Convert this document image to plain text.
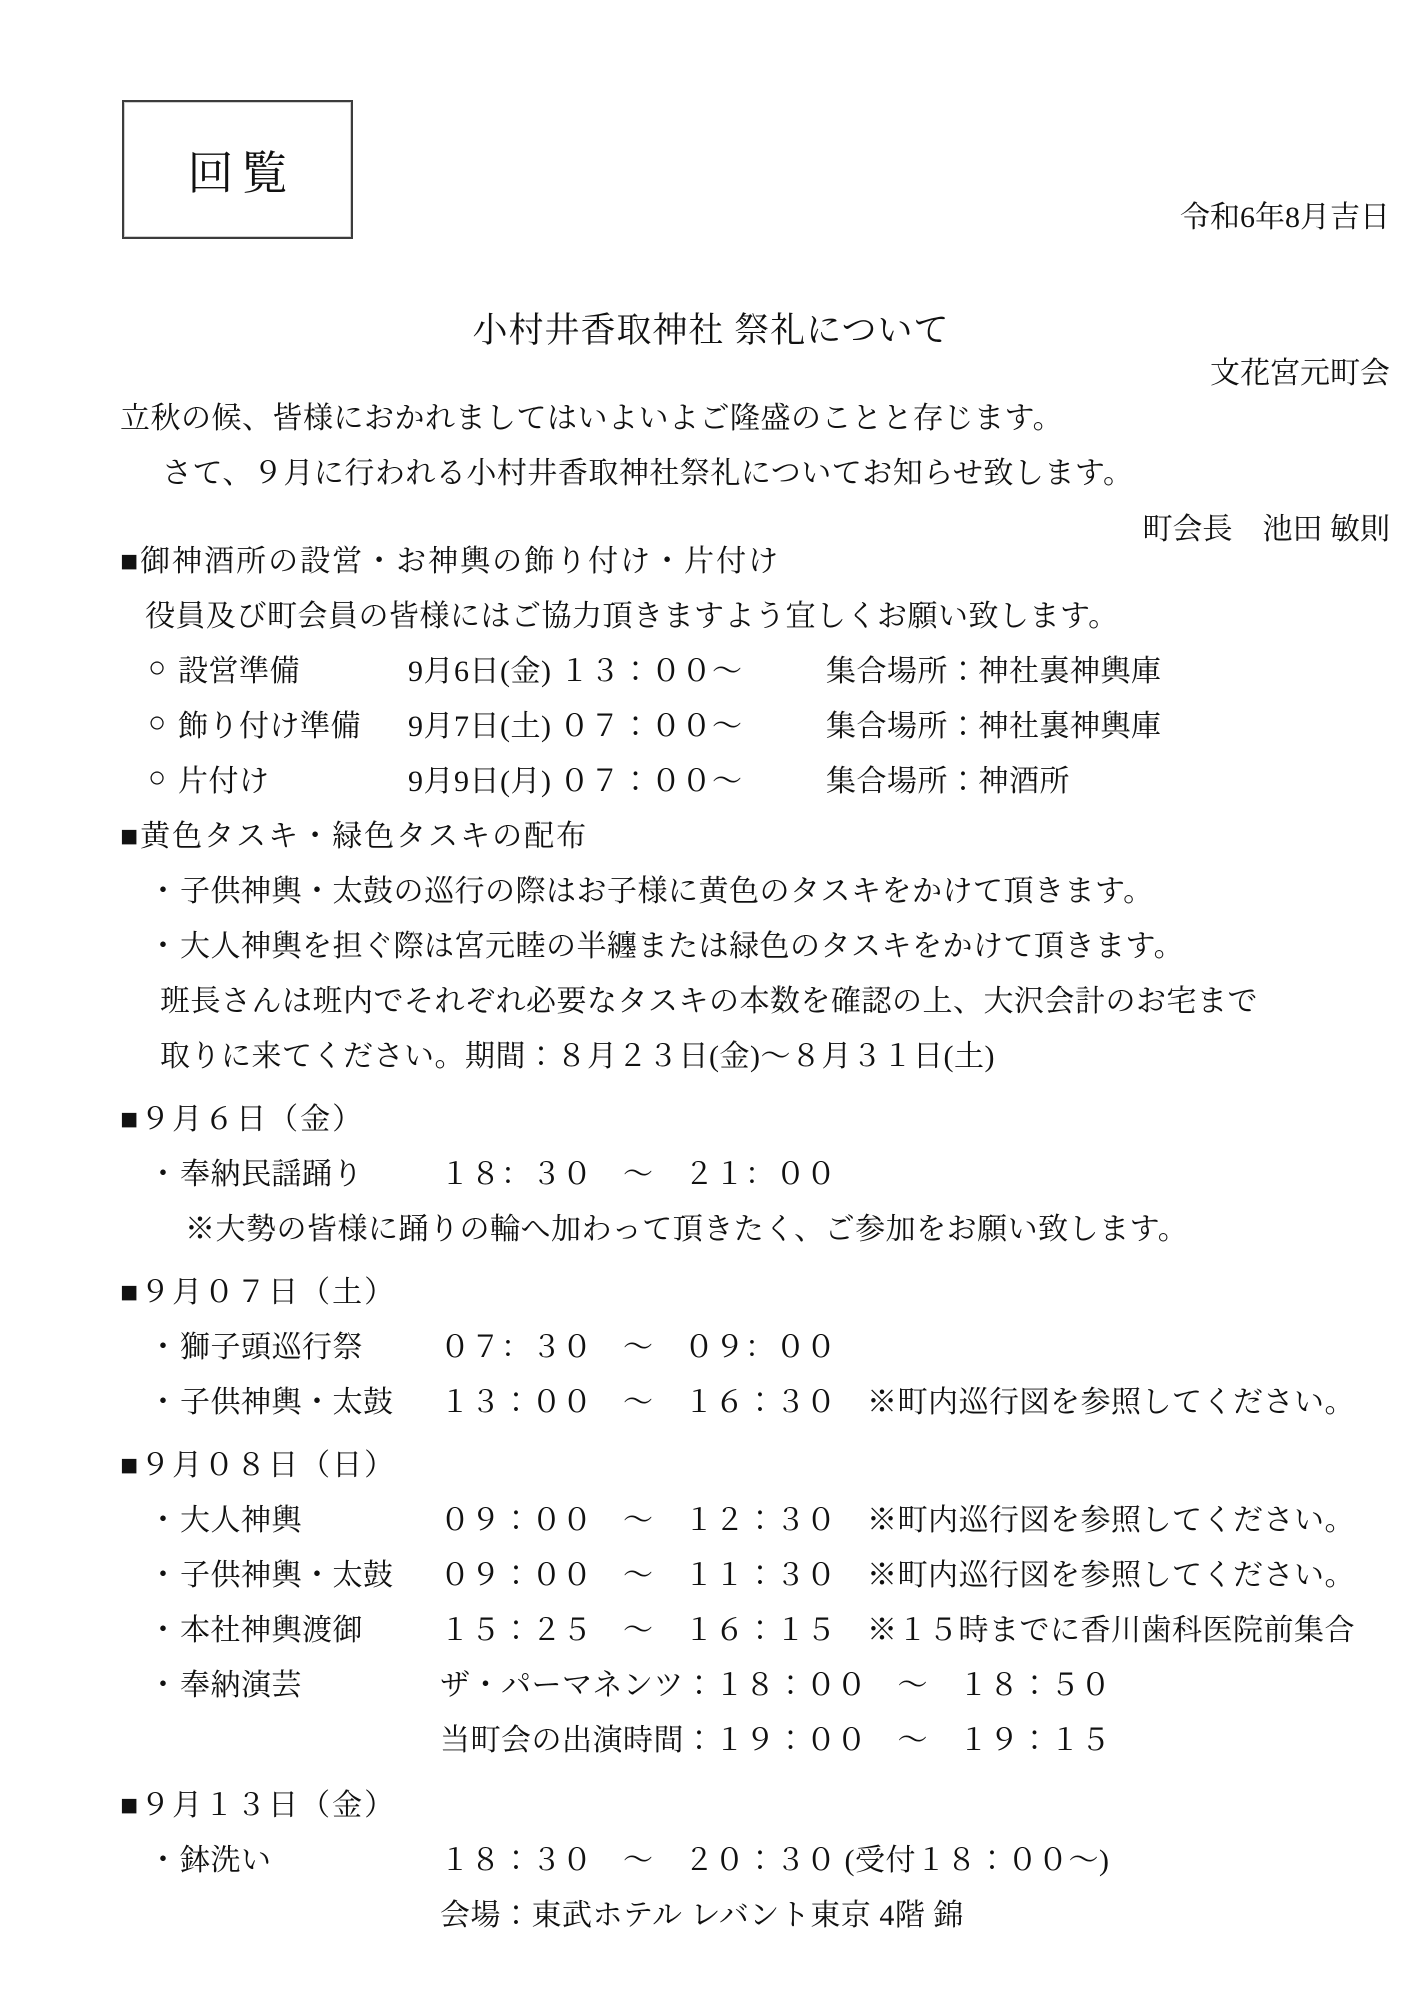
回覧

令和6年8月吉日

文花宮元町会

町会長　池田 敏則

小村井香取神社 祭礼について
立秋の候、皆様におかれましてはいよいよご隆盛のことと存じます。
さて、９月に行われる小村井香取神社祭礼についてお知らせ致します。
■御神酒所の設営・お神輿の飾り付け・片付け
役員及び町会員の皆様にはご協力頂きますよう宜しくお願い致します。
○ 設営準備	9月6日(金) １３：００～	集合場所：神社裏神輿庫
○ 飾り付け準備	9月7日(土) ０７：００～	集合場所：神社裏神輿庫
○ 片付け	9月9日(月) ０７：００～	集合場所：神酒所
■黄色タスキ・緑色タスキの配布
・ 子供神輿・太鼓の巡行の際はお子様に黄色のタスキをかけて頂きます。
・ 大人神輿を担ぐ際は宮元睦の半纏または緑色のタスキをかけて頂きます。
班長さんは班内でそれぞれ必要なタスキの本数を確認の上、大沢会計のお宅まで
取りに来てください。期間：８月２３日(金)～８月３１日(土)
■９月６日（金）
・ 奉納民謡踊り	１８：３０　～　２１：００
※大勢の皆様に踊りの輪へ加わって頂きたく、ご参加をお願い致します。
■９月０７日（土）
・ 獅子頭巡行祭	０７：３０　～　０９：００
・ 子供神輿・太鼓	１３：００　～　１６：３０　※町内巡行図を参照してください。
■９月０８日（日）
・ 大人神輿	０９：００　～　１２：３０　※町内巡行図を参照してください。
・ 子供神輿・太鼓	０９：００　～　１１：３０　※町内巡行図を参照してください。
・ 本社神輿渡御	１５：２５　～　１６：１５　※１５時までに香川歯科医院前集合
・ 奉納演芸	ザ・パーマネンツ：１８：００　～　１８：５０
当町会の出演時間：１９：００　～　１９：１５
■９月１３日（金）
・ 鉢洗い	１８：３０　～　２０：３０ (受付１８：００～)
会場：東武ホテル レバント東京 4階 錦
